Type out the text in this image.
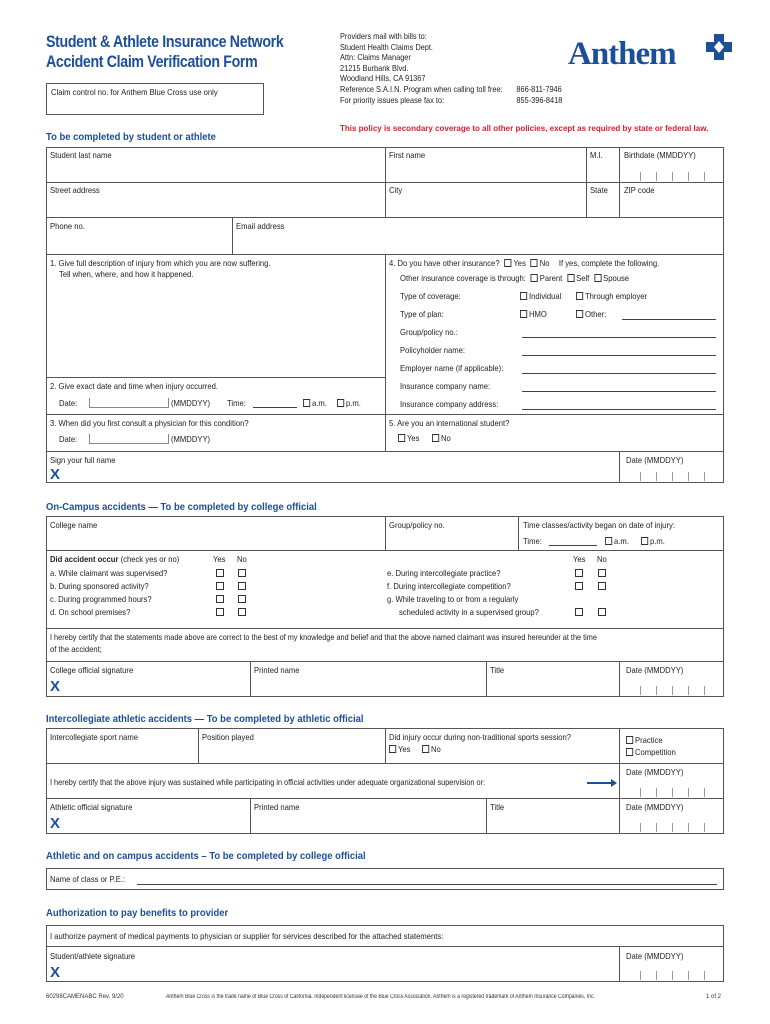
Student & Athlete Insurance Network
Accident Claim Verification Form
Claim control no. for Anthem Blue Cross use only
Providers mail with bills to:
Student Health Claims Dept.
Attn: Claims Manager
21215 Burbank Blvd.
Woodland Hills, CA 91367
Reference S.A.I.N. Program when calling toll free: 866-811-7946
For priority issues please fax to:	855-396-8418
Anthem
This policy is secondary coverage to all other policies, except as required by state or federal law.
To be completed by student or athlete
Student last name	First name	M.I. Birthdate (MMDDYY)
Street address	City	State ZIP code
Phone no.	Email address
1. Give full description of injury from which you are now suffering.
Tell when, where, and how it happened.
2. Give exact date and time when injury occurred.
Date:	(MMDDYY) Time:	a.m.	p.m.
3. When did you first consult a physician for this condition?
Date:	(MMDDYY)
4. Do you have other insurance? Yes No If yes, complete the following.
Other insurance coverage is through: Parent Self Spouse
Type of coverage:	Individual	Through employer
Type of plan:	HMO	Other:
Group/policy no.:
Policyholder name:
Employer name (if applicable):
Insurance company name:
Insurance company address:
5. Are you an international student?
Yes	No
Sign your full name
X
Date (MMDDYY)
On-Campus accidents — To be completed by college official
College name	Group/policy no.	Time classes/activity began on date of injury:
Time:	a.m.	p.m.
Did accident occur (check yes or no)	Yes No
a. While claimant was supervised?
b. During sponsored activity?
c. During programmed hours?
d. On school premises?
Yes No
e. During intercollegiate practice?
f. During intercollegiate competition?
g. While traveling to or from a regularly
scheduled activity in a supervised group?
I hereby certify that the statements made above are correct to the best of my knowledge and belief and that the above named claimant was insured hereunder at the time
of the accident;
College official signature
X
Printed name	Title	Date (MMDDYY)
Intercollegiate athletic accidents — To be completed by athletic official
Intercollegiate sport name	Position played	Did injury occur during non-traditional sports session?
Yes	No
Practice
Competition
I hereby certify that the above injury was sustained while participating in official activities under adequate organizational supervision or:
Date (MMDDYY)
Athletic official signature
X
Printed name	Title	Date (MMDDYY)
Athletic and on campus accidents – To be completed by college official
Name of class or P.E.:
Authorization to pay benefits to provider
I authorize payment of medical payments to physician or supplier for services described for the attached statements:
Student/athlete signature
X
Date (MMDDYY)
60298CAMENABC Rev. 9/20	Anthem Blue Cross is the trade name of Blue Cross of California. Independent licensee of the Blue Cross Association. Anthem is a registered trademark of Anthem Insurance Companies, Inc.	1 of 2
